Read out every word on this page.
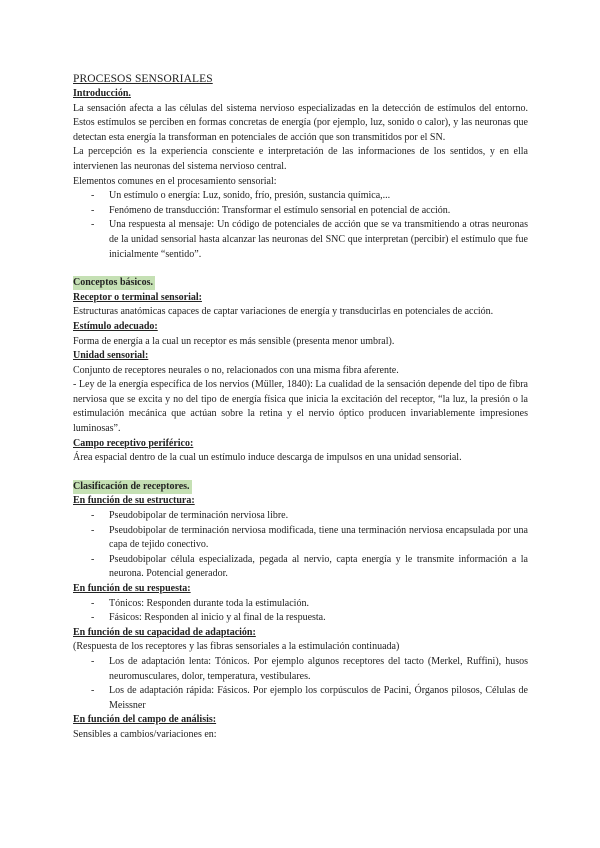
PROCESOS SENSORIALES
Introducción.

La sensación afecta a las células del sistema nervioso especializadas en la detección de estímulos del entorno. Estos estímulos se perciben en formas concretas de energía (por ejemplo, luz, sonido o calor), y las neuronas que detectan esta energía la transforman en potenciales de acción que son transmitidos por el SN.

La percepción es la experiencia consciente e interpretación de las informaciones de los sentidos, y en ella intervienen las neuronas del sistema nervioso central.

Elementos comunes en el procesamiento sensorial:

- Un estímulo o energía: Luz, sonido, frío, presión, sustancia química,...
- Fenómeno de transducción: Transformar el estímulo sensorial en potencial de acción.
- Una respuesta al mensaje: Un código de potenciales de acción que se va transmitiendo a otras neuronas de la unidad sensorial hasta alcanzar las neuronas del SNC que interpretan (percibir) el estímulo que fue inicialmente “sentido”.
Conceptos básicos.
Receptor o terminal sensorial:

Estructuras anatómicas capaces de captar variaciones de energía y transducirlas en potenciales de acción.

Estímulo adecuado:

Forma de energía a la cual un receptor es más sensible (presenta menor umbral).

Unidad sensorial:

Conjunto de receptores neurales o no, relacionados con una misma fibra aferente.

- Ley de la energía específica de los nervios (Müller, 1840): La cualidad de la sensación depende del tipo de fibra nerviosa que se excita y no del tipo de energía física que inicia la excitación del receptor, “la luz, la presión o la estimulación mecánica que actúan sobre la retina y el nervio óptico producen invariablemente impresiones luminosas”.

Campo receptivo periférico:

Área espacial dentro de la cual un estímulo induce descarga de impulsos en una unidad sensorial.

Clasificación de receptores.
En función de su estructura:
- Pseudobipolar de terminación nerviosa libre.
- Pseudobipolar de terminación nerviosa modificada, tiene una terminación nerviosa encapsulada por una capa de tejido conectivo.
- Pseudobipolar célula especializada, pegada al nervio, capta energía y le transmite información a la neurona. Potencial generador.
En función de su respuesta:
- Tónicos: Responden durante toda la estimulación.
- Fásicos: Responden al inicio y al final de la respuesta.
En función de su capacidad de adaptación:

(Respuesta de los receptores y las fibras sensoriales a la estimulación continuada)

- Los de adaptación lenta: Tónicos. Por ejemplo algunos receptores del tacto (Merkel, Ruffini), husos neuromusculares, dolor, temperatura, vestibulares.
- Los de adaptación rápida: Fásicos. Por ejemplo los corpúsculos de Pacini, Órganos pilosos, Células de Meissner
En función del campo de análisis:

Sensibles a cambios/variaciones en:
